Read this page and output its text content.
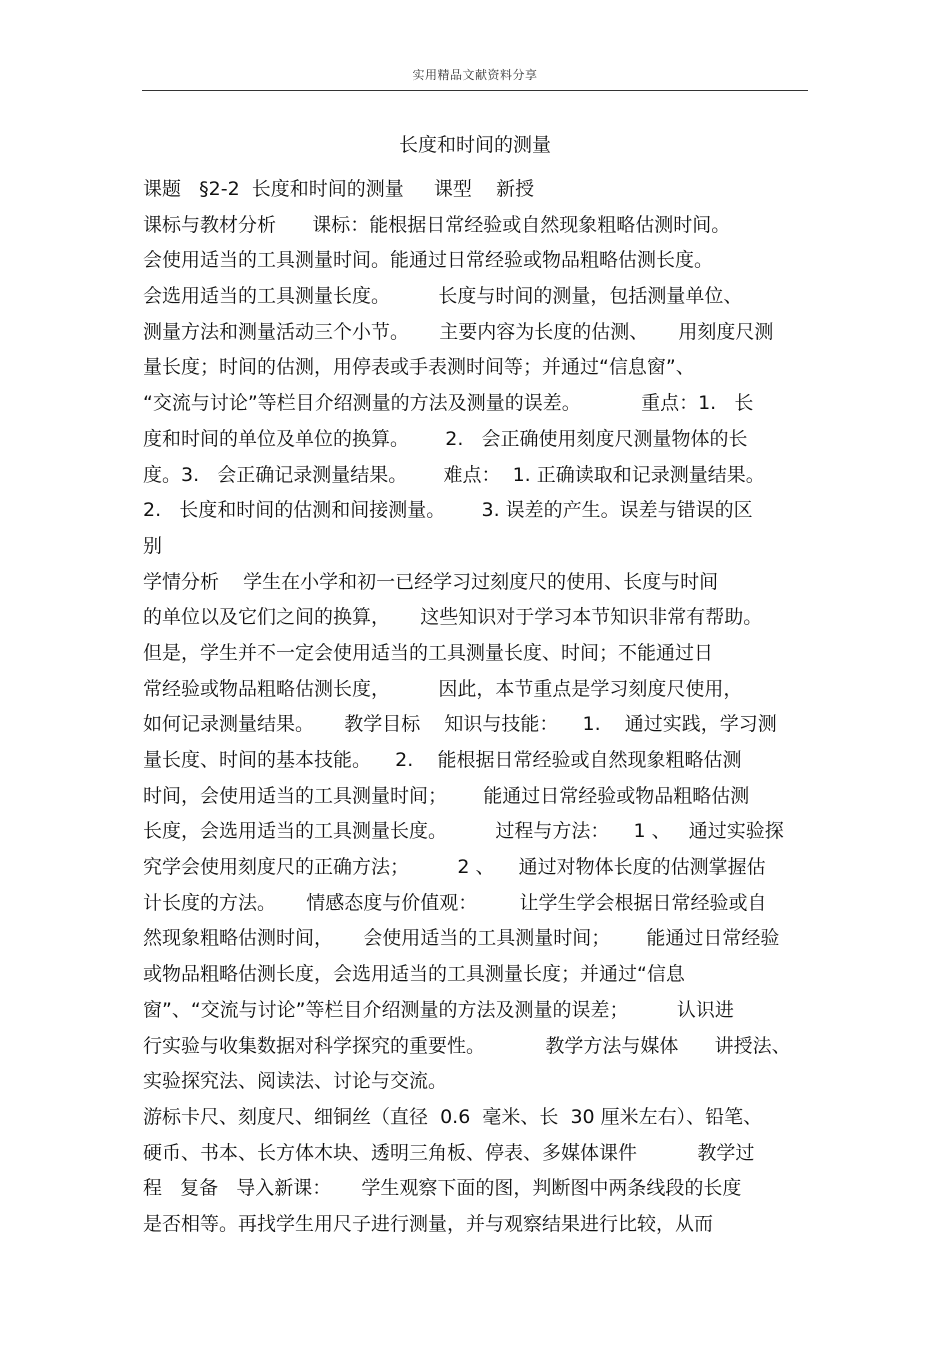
实用精品文献资料分享
长度和时间的测量
课题   §2-2  长度和时间的测量     课型    新授
课标与教材分析      课标：能根据日常经验或自然现象粗略估测时间。
会使用适当的工具测量时间。能通过日常经验或物品粗略估测长度。
会选用适当的工具测量长度。        长度与时间的测量，包括测量单位、
测量方法和测量活动三个小节。     主要内容为长度的估测、     用刻度尺测
量长度；时间的估测，用停表或手表测时间等；并通过“信息窗”、
“交流与讨论”等栏目介绍测量的方法及测量的误差。          重点：1.   长
度和时间的单位及单位的换算。      2.   会正确使用刻度尺测量物体的长
度。3.   会正确记录测量结果。      难点：  1. 正确读取和记录测量结果。
2.   长度和时间的估测和间接测量。      3. 误差的产生。误差与错误的区
别
学情分析    学生在小学和初一已经学习过刻度尺的使用、长度与时间
的单位以及它们之间的换算，     这些知识对于学习本节知识非常有帮助。
但是，学生并不一定会使用适当的工具测量长度、时间；不能通过日
常经验或物品粗略估测长度，        因此，本节重点是学习刻度尺使用，
如何记录测量结果。     教学目标    知识与技能：    1.    通过实践，学习测
量长度、时间的基本技能。    2.    能根据日常经验或自然现象粗略估测
时间，会使用适当的工具测量时间；      能通过日常经验或物品粗略估测
长度，会选用适当的工具测量长度。        过程与方法：    1 、   通过实验探
究学会使用刻度尺的正确方法；        2 、    通过对物体长度的估测掌握估
计长度的方法。     情感态度与价值观：       让学生学会根据日常经验或自
然现象粗略估测时间，     会使用适当的工具测量时间；      能通过日常经验
或物品粗略估测长度，会选用适当的工具测量长度；并通过“信息
窗”、“交流与讨论”等栏目介绍测量的方法及测量的误差；        认识进
行实验与收集数据对科学探究的重要性。          教学方法与媒体      讲授法、
实验探究法、阅读法、讨论与交流。
游标卡尺、刻度尺、细铜丝（直径  0.6  毫米、长  30 厘米左右）、铅笔、
硬币、书本、长方体木块、透明三角板、停表、多媒体课件          教学过
程   复备   导入新课：     学生观察下面的图，判断图中两条线段的长度
是否相等。再找学生用尺子进行测量，并与观察结果进行比较，从而
